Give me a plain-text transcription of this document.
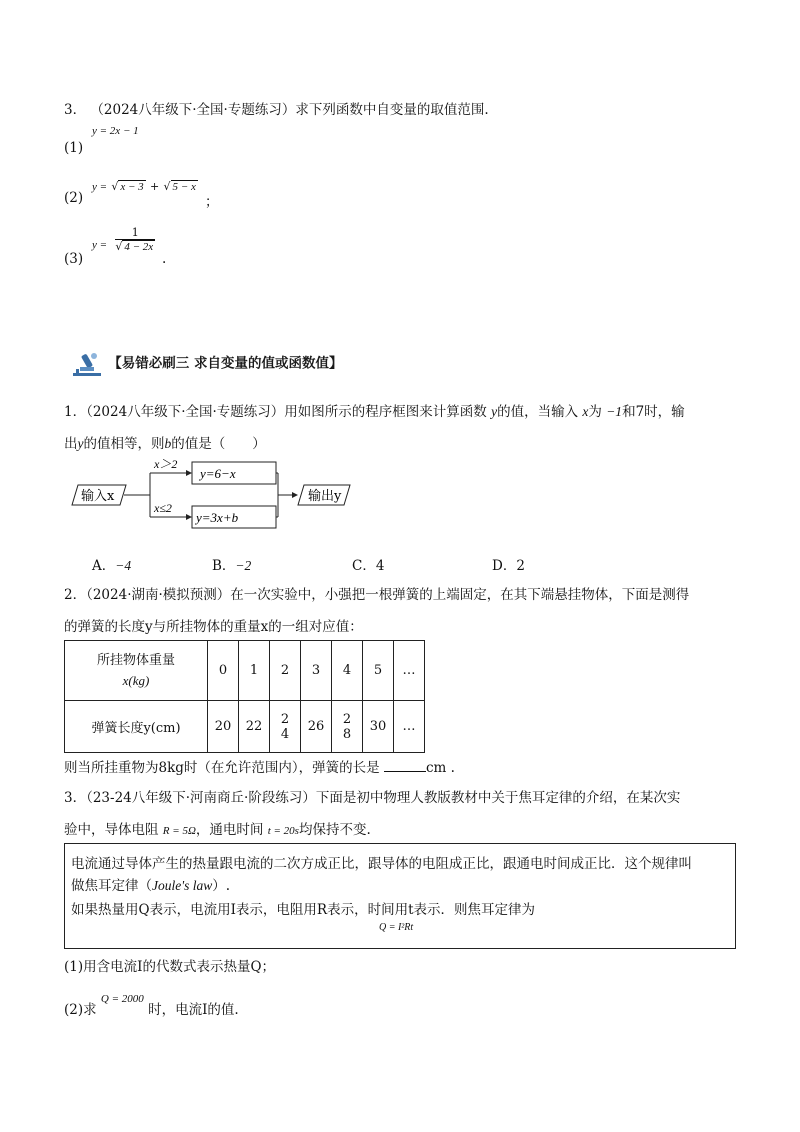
3． （2024八年级下·全国·专题练习）求下列函数中自变量的取值范围.
$^{y = 2x - 1}$
(1)
y = √ x − 3 + √ 5 − x
(2)	；
$_{y =} \frac{1}{√ 4 - 2x}$
(3)	.
【易错必刷三 求自变量的值或函数值】
1．（2024八年级下·全国·专题练习）用如图所示的程序框图来计算函数 y的值，当输入 x为 −1和7时，输
出y的值相等，则b的值是（　　）
输入x
x＞2
y=6−x
x≤2
y=3x+b
输出y
A．−4	B．−2	C．4	D．2
2．（2024·湖南·模拟预测）在一次实验中，小强把一根弹簧的上端固定，在其下端悬挂物体，下面是测得
的弹簧的长度y与所挂物体的重量x的一组对应值：
所挂物体重量
x(kg)	0	1	2	3	4	5	…
弹簧长度y(cm)	20	22	2
4	26	2
8	30	…
则当所挂重物为8kg时（在允许范围内），弹簧的长是	cm .
3．（23-24八年级下·河南商丘·阶段练习）下面是初中物理人教版教材中关于焦耳定律的介绍，在某次实
验中，导体电阻 R = 5Ω，通电时间 t = 20s均保持不变.
电流通过导体产生的热量跟电流的二次方成正比，跟导体的电阻成正比，跟通电时间成正比．这个规律叫
做焦耳定律（Joule's law）.
如果热量用Q表示，电流用I表示，电阻用R表示，时间用t表示．则焦耳定律为
Q = I²Rt
(1)用含电流I的代数式表示热量Q；
(2)求 $^{Q = 2000}$ 时，电流I的值.
